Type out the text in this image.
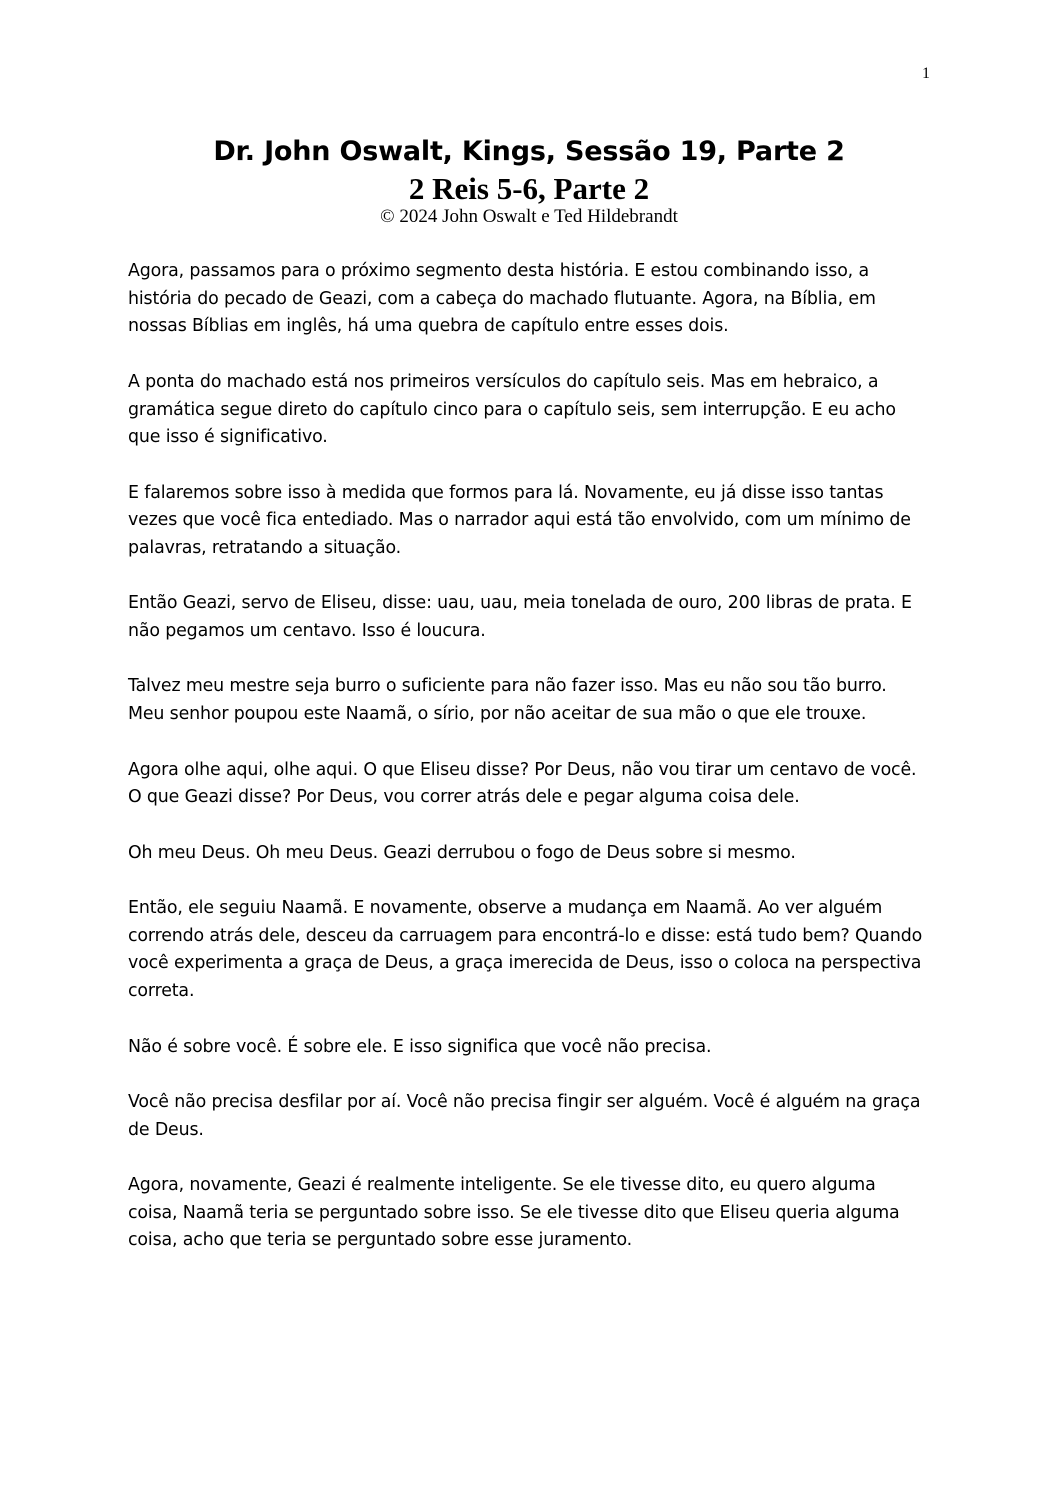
1
Dr. John Oswalt, Kings, Sessão 19, Parte 2
2 Reis 5-6, Parte 2
© 2024 John Oswalt e Ted Hildebrandt

Agora, passamos para o próximo segmento desta história. E estou combinando isso, a história do pecado de Geazi, com a cabeça do machado flutuante. Agora, na Bíblia, em nossas Bíblias em inglês, há uma quebra de capítulo entre esses dois.

A ponta do machado está nos primeiros versículos do capítulo seis. Mas em hebraico, a gramática segue direto do capítulo cinco para o capítulo seis, sem interrupção. E eu acho que isso é significativo.

E falaremos sobre isso à medida que formos para lá. Novamente, eu já disse isso tantas vezes que você fica entediado. Mas o narrador aqui está tão envolvido, com um mínimo de palavras, retratando a situação.

Então Geazi, servo de Eliseu, disse: uau, uau, meia tonelada de ouro, 200 libras de prata. E não pegamos um centavo. Isso é loucura.

Talvez meu mestre seja burro o suficiente para não fazer isso. Mas eu não sou tão burro. Meu senhor poupou este Naamã, o sírio, por não aceitar de sua mão o que ele trouxe.

Agora olhe aqui, olhe aqui. O que Eliseu disse? Por Deus, não vou tirar um centavo de você. O que Geazi disse? Por Deus, vou correr atrás dele e pegar alguma coisa dele.

Oh meu Deus. Oh meu Deus. Geazi derrubou o fogo de Deus sobre si mesmo.

Então, ele seguiu Naamã. E novamente, observe a mudança em Naamã. Ao ver alguém correndo atrás dele, desceu da carruagem para encontrá-lo e disse: está tudo bem? Quando você experimenta a graça de Deus, a graça imerecida de Deus, isso o coloca na perspectiva correta.

Não é sobre você. É sobre ele. E isso significa que você não precisa.

Você não precisa desfilar por aí. Você não precisa fingir ser alguém. Você é alguém na graça de Deus.

Agora, novamente, Geazi é realmente inteligente. Se ele tivesse dito, eu quero alguma coisa, Naamã teria se perguntado sobre isso. Se ele tivesse dito que Eliseu queria alguma coisa, acho que teria se perguntado sobre esse juramento.
